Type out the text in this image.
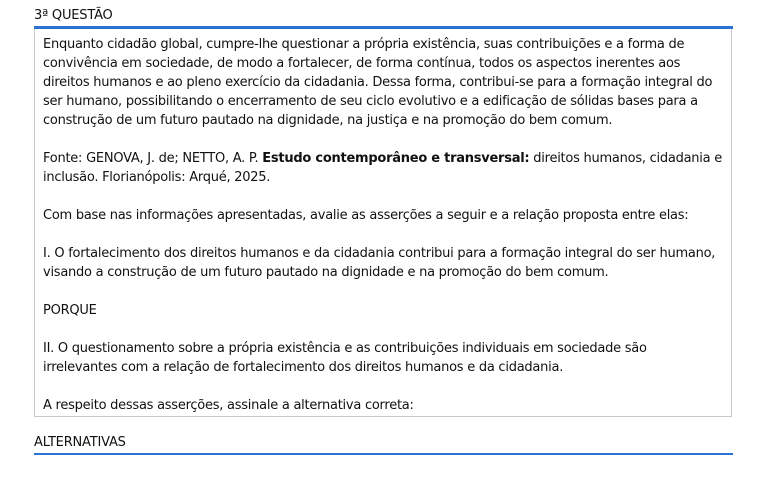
3ª QUESTÃO

Enquanto cidadão global, cumpre-lhe questionar a própria existência, suas contribuições e a forma de convivência em sociedade, de modo a fortalecer, de forma contínua, todos os aspectos inerentes aos direitos humanos e ao pleno exercício da cidadania. Dessa forma, contribui-se para a formação integral do ser humano, possibilitando o encerramento de seu ciclo evolutivo e a edificação de sólidas bases para a construção de um futuro pautado na dignidade, na justiça e na promoção do bem comum.

Fonte: GENOVA, J. de; NETTO, A. P. Estudo contemporâneo e transversal: direitos humanos, cidadania e inclusão. Florianópolis: Arqué, 2025.

Com base nas informações apresentadas, avalie as asserções a seguir e a relação proposta entre elas:

I. O fortalecimento dos direitos humanos e da cidadania contribui para a formação integral do ser humano, visando a construção de um futuro pautado na dignidade e na promoção do bem comum.

PORQUE

II. O questionamento sobre a própria existência e as contribuições individuais em sociedade são irrelevantes com a relação de fortalecimento dos direitos humanos e da cidadania.

A respeito dessas asserções, assinale a alternativa correta:

ALTERNATIVAS
